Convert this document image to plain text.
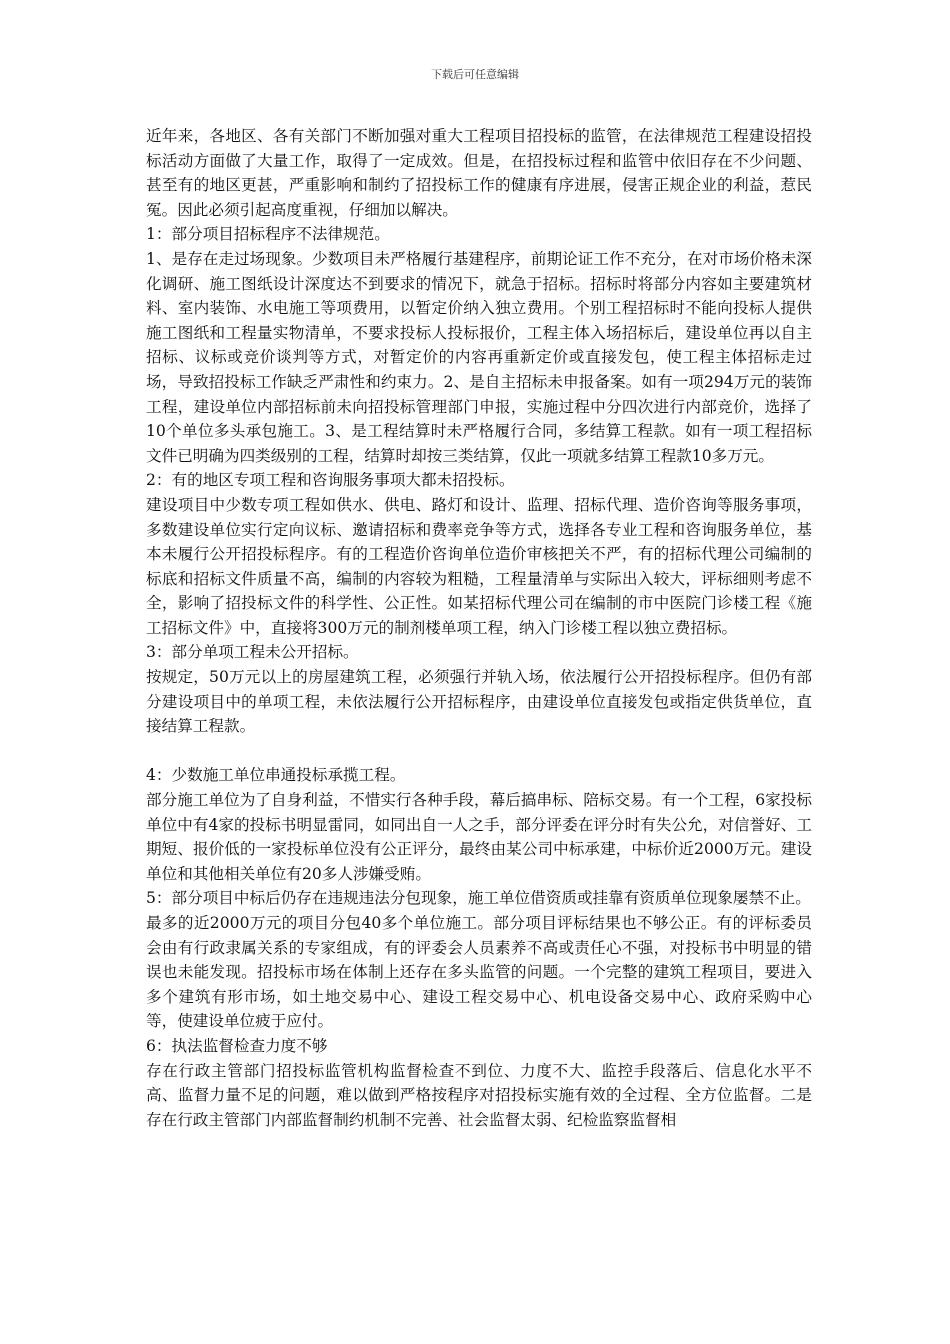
下载后可任意编辑

近年来，各地区、各有关部门不断加强对重大工程项目招投标的监管，在法律规范工程建设招投标活动方面做了大量工作，取得了一定成效。但是，在招投标过程和监管中依旧存在不少问题、甚至有的地区更甚，严重影响和制约了招投标工作的健康有序进展，侵害正规企业的利益，惹民冤。因此必须引起高度重视，仔细加以解决。

1：部分项目招标程序不法律规范。

1、是存在走过场现象。少数项目未严格履行基建程序，前期论证工作不充分，在对市场价格未深化调研、施工图纸设计深度达不到要求的情况下，就急于招标。招标时将部分内容如主要建筑材料、室内装饰、水电施工等项费用，以暂定价纳入独立费用。个别工程招标时不能向投标人提供施工图纸和工程量实物清单，不要求投标人投标报价，工程主体入场招标后，建设单位再以自主招标、议标或竞价谈判等方式，对暂定价的内容再重新定价或直接发包，使工程主体招标走过场，导致招投标工作缺乏严肃性和约束力。2、是自主招标未申报备案。如有一项294万元的装饰工程，建设单位内部招标前未向招投标管理部门申报，实施过程中分四次进行内部竞价，选择了10个单位多头承包施工。3、是工程结算时未严格履行合同，多结算工程款。如有一项工程招标文件已明确为四类级别的工程，结算时却按三类结算，仅此一项就多结算工程款10多万元。

2：有的地区专项工程和咨询服务事项大都未招投标。

建设项目中少数专项工程如供水、供电、路灯和设计、监理、招标代理、造价咨询等服务事项，多数建设单位实行定向议标、邀请招标和费率竞争等方式，选择各专业工程和咨询服务单位，基本未履行公开招投标程序。有的工程造价咨询单位造价审核把关不严，有的招标代理公司编制的标底和招标文件质量不高，编制的内容较为粗糙，工程量清单与实际出入较大，评标细则考虑不全，影响了招投标文件的科学性、公正性。如某招标代理公司在编制的市中医院门诊楼工程《施工招标文件》中，直接将300万元的制剂楼单项工程，纳入门诊楼工程以独立费招标。

3：部分单项工程未公开招标。

按规定，50万元以上的房屋建筑工程，必须强行并轨入场，依法履行公开招投标程序。但仍有部分建设项目中的单项工程，未依法履行公开招标程序，由建设单位直接发包或指定供货单位，直接结算工程款。

4：少数施工单位串通投标承揽工程。

部分施工单位为了自身利益，不惜实行各种手段，幕后搞串标、陪标交易。有一个工程，6家投标单位中有4家的投标书明显雷同，如同出自一人之手，部分评委在评分时有失公允，对信誉好、工期短、报价低的一家投标单位没有公正评分，最终由某公司中标承建，中标价近2000万元。建设单位和其他相关单位有20多人涉嫌受贿。

5：部分项目中标后仍存在违规违法分包现象，施工单位借资质或挂靠有资质单位现象屡禁不止。

最多的近2000万元的项目分包40多个单位施工。部分项目评标结果也不够公正。有的评标委员会由有行政隶属关系的专家组成，有的评委会人员素养不高或责任心不强，对投标书中明显的错误也未能发现。招投标市场在体制上还存在多头监管的问题。一个完整的建筑工程项目，要进入多个建筑有形市场，如土地交易中心、建设工程交易中心、机电设备交易中心、政府采购中心等，使建设单位疲于应付。

6：执法监督检查力度不够

存在行政主管部门招投标监管机构监督检查不到位、力度不大、监控手段落后、信息化水平不高、监督力量不足的问题，难以做到严格按程序对招投标实施有效的全过程、全方位监督。二是存在行政主管部门内部监督制约机制不完善、社会监督太弱、纪检监察监督相
